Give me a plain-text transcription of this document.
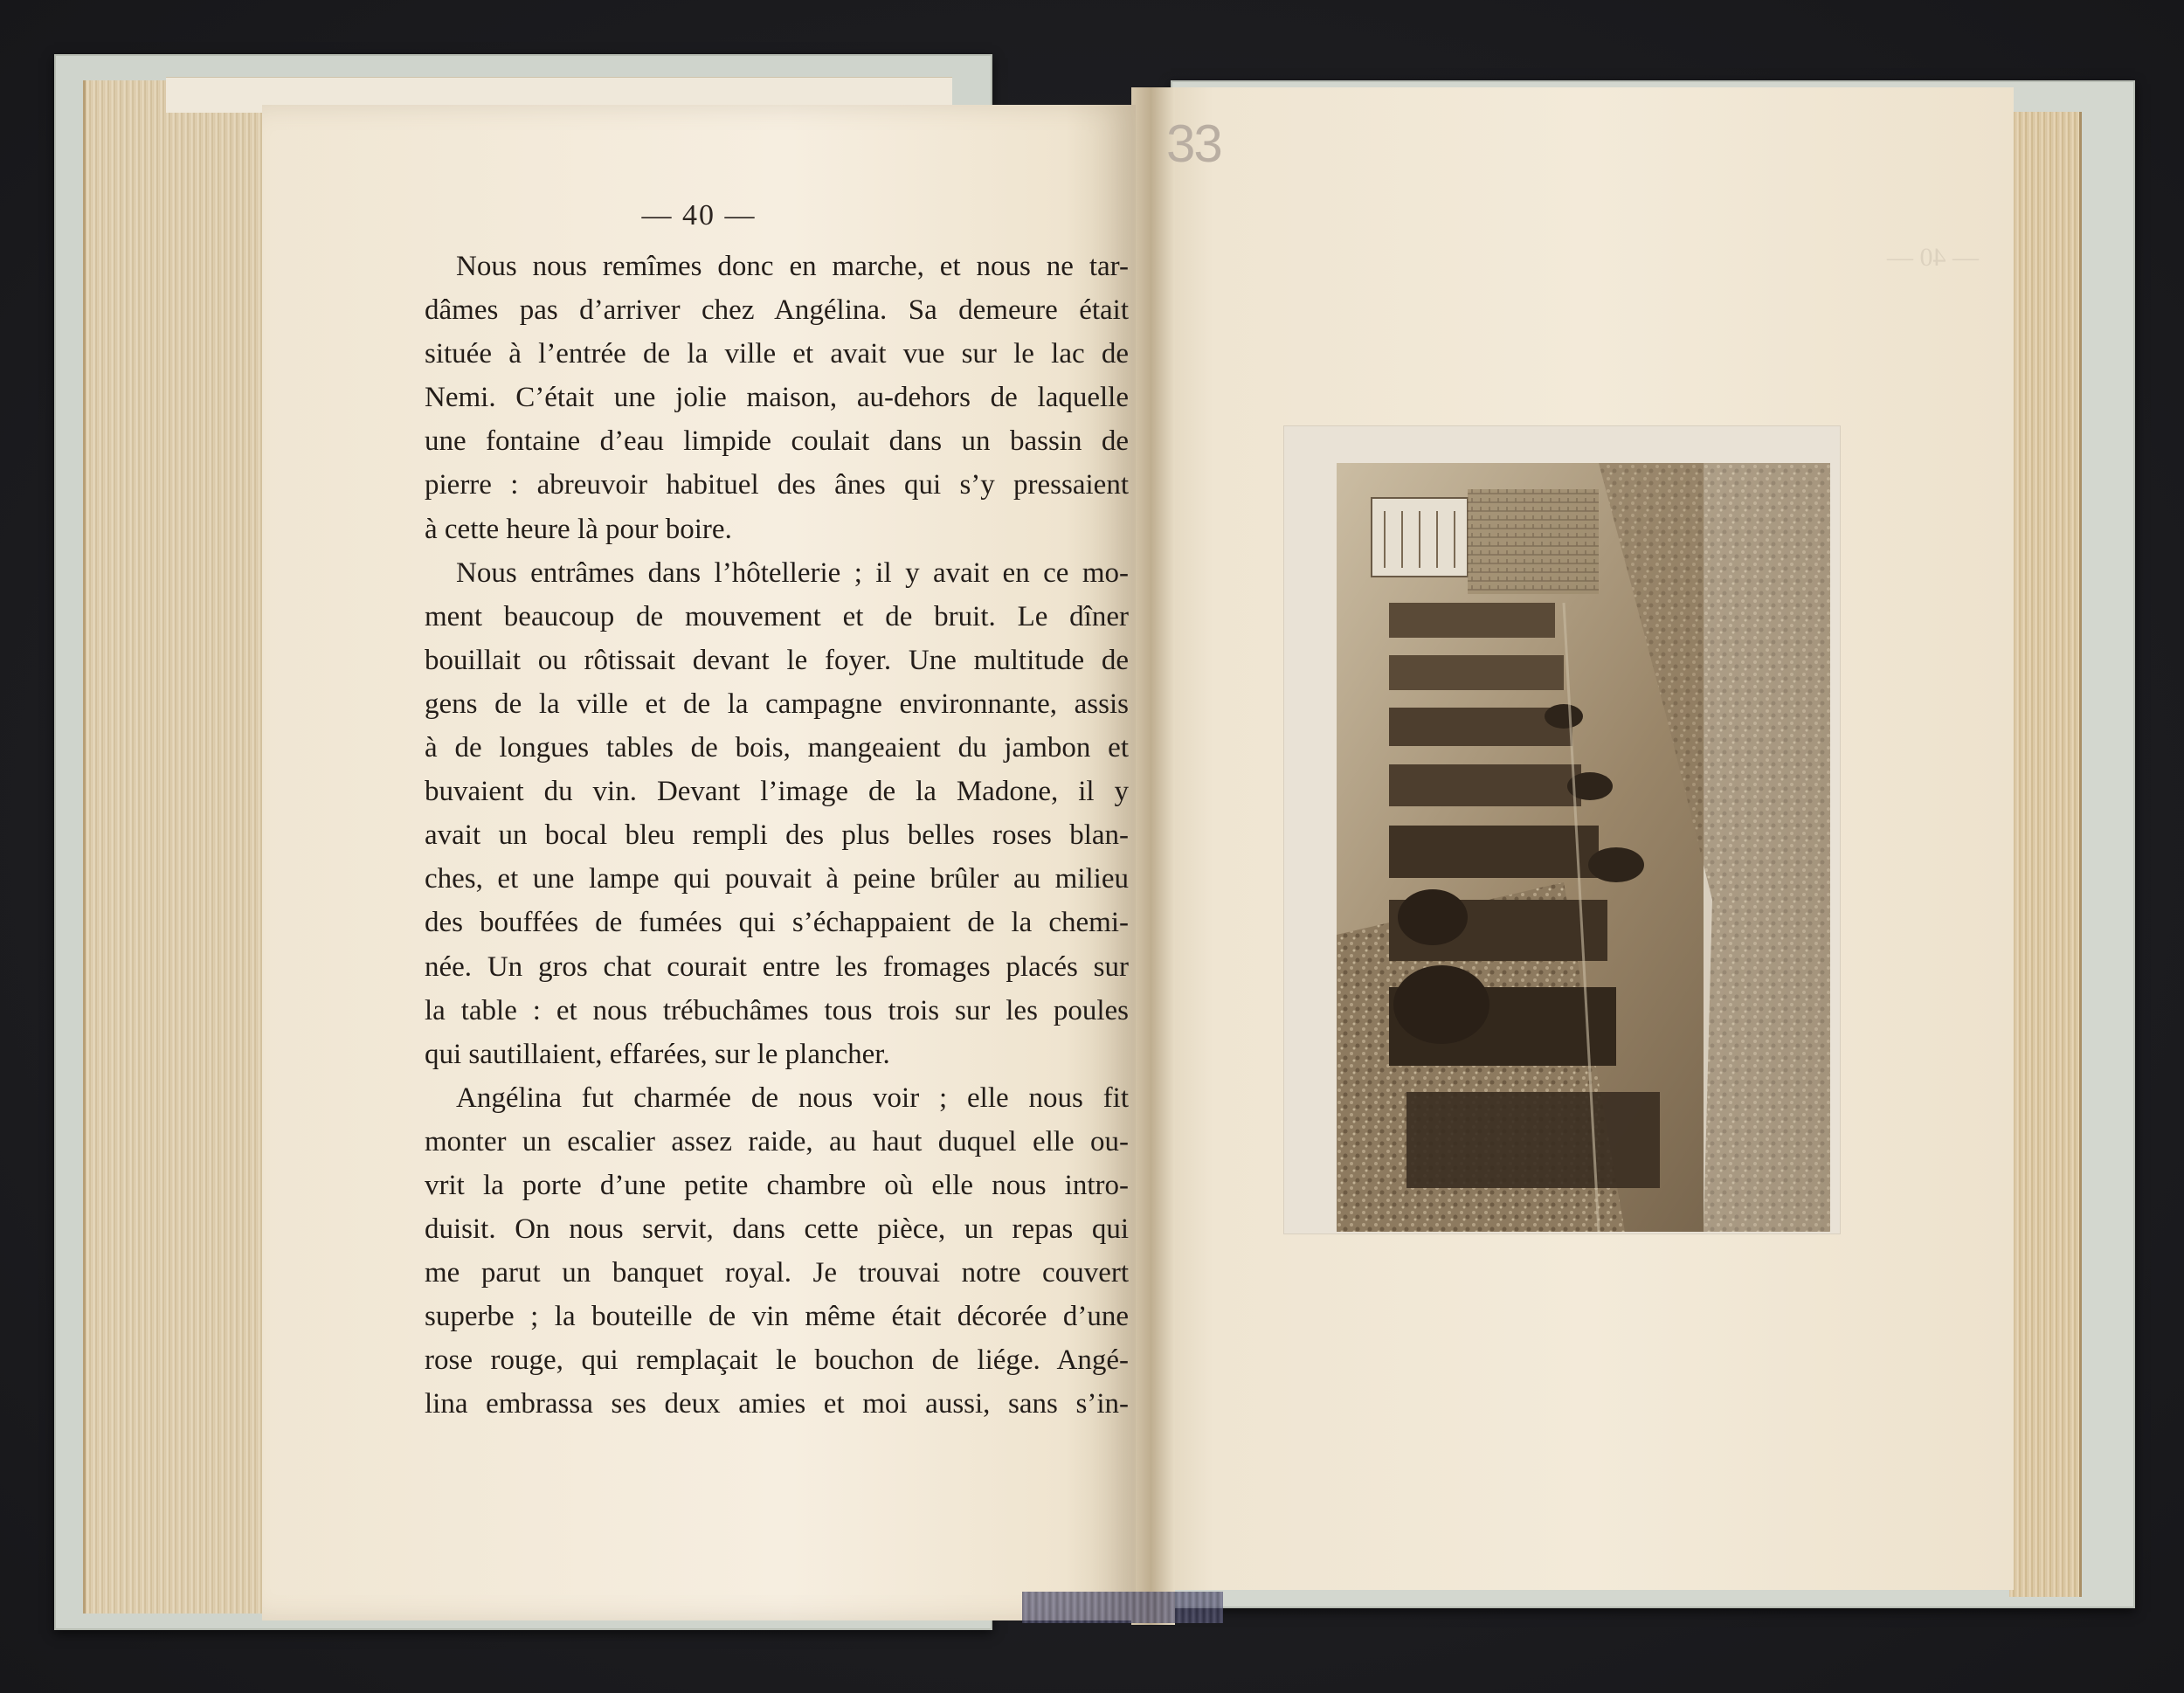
— 40 —
Nous nous remîmes donc en marche, et nous ne tar-
dâmes pas d’arriver chez Angélina. Sa demeure était
située à l’entrée de la ville et avait vue sur le lac de
Nemi. C’était une jolie maison, au-dehors de laquelle
une fontaine d’eau limpide coulait dans un bassin de
pierre : abreuvoir habituel des ânes qui s’y pressaient
à cette heure là pour boire.
Nous entrâmes dans l’hôtellerie ; il y avait en ce mo-
ment beaucoup de mouvement et de bruit. Le dîner
bouillait ou rôtissait devant le foyer. Une multitude de
gens de la ville et de la campagne environnante, assis
à de longues tables de bois, mangeaient du jambon et
buvaient du vin. Devant l’image de la Madone, il y
avait un bocal bleu rempli des plus belles roses blan-
ches, et une lampe qui pouvait à peine brûler au milieu
des bouffées de fumées qui s’échappaient de la chemi-
née. Un gros chat courait entre les fromages placés sur
la table : et nous trébuchâmes tous trois sur les poules
qui sautillaient, effarées, sur le plancher.
Angélina fut charmée de nous voir ; elle nous fit
monter un escalier assez raide, au haut duquel elle ou-
vrit la porte d’une petite chambre où elle nous intro-
duisit. On nous servit, dans cette pièce, un repas qui
me parut un banquet royal. Je trouvai notre couvert
superbe ; la bouteille de vin même était décorée d’une
rose rouge, qui remplaçait le bouchon de liége. Angé-
lina embrassa ses deux amies et moi aussi, sans s’in-
33
— 40 —
